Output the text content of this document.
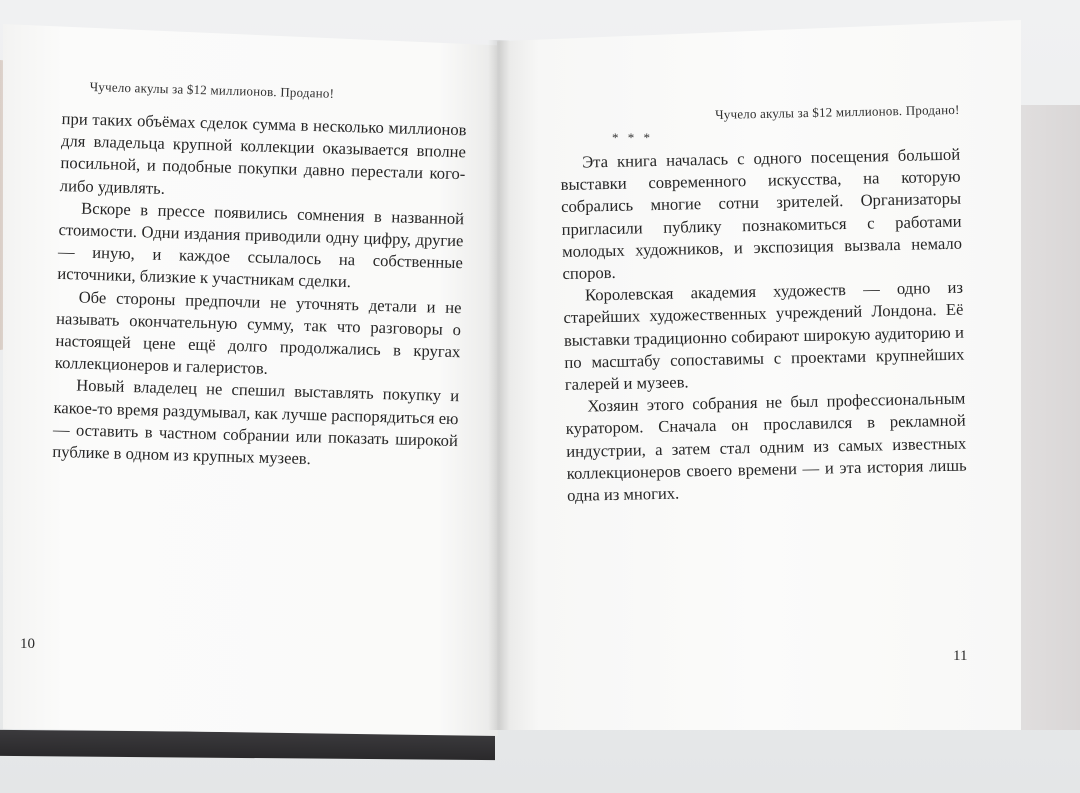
Чучело акулы за $12 миллионов. Продано!
Чучело акулы за $12 миллионов. Продано!

при таких объёмах сделок сумма в несколько миллионов для владельца крупной коллекции оказывается вполне посильной, и подобные покупки давно перестали кого-либо удивлять.

Вскоре в прессе появились сомнения в названной стоимости. Одни издания приводили одну цифру, другие — иную, и каждое ссылалось на собственные источники, близкие к участникам сделки.

Обе стороны предпочли не уточнять детали и не называть окончательную сумму, так что разговоры о настоящей цене ещё долго продолжались в кругах коллекционеров и галеристов.

Новый владелец не спешил выставлять покупку и какое-то время раздумывал, как лучше распорядиться ею — оставить в частном собрании или показать широкой публике в одном из крупных музеев.

* * *

Эта книга началась с одного посещения большой выставки современного искусства, на которую собрались многие сотни зрителей. Организаторы пригласили публику познакомиться с работами молодых художников, и экспозиция вызвала немало споров.

Королевская академия художеств — одно из старейших художественных учреждений Лондона. Её выставки традиционно собирают широкую аудиторию и по масштабу сопоставимы с проектами крупнейших галерей и музеев.

Хозяин этого собрания не был профессиональным куратором. Сначала он прославился в рекламной индустрии, а затем стал одним из самых известных коллекционеров своего времени — и эта история лишь одна из многих.

10
11
